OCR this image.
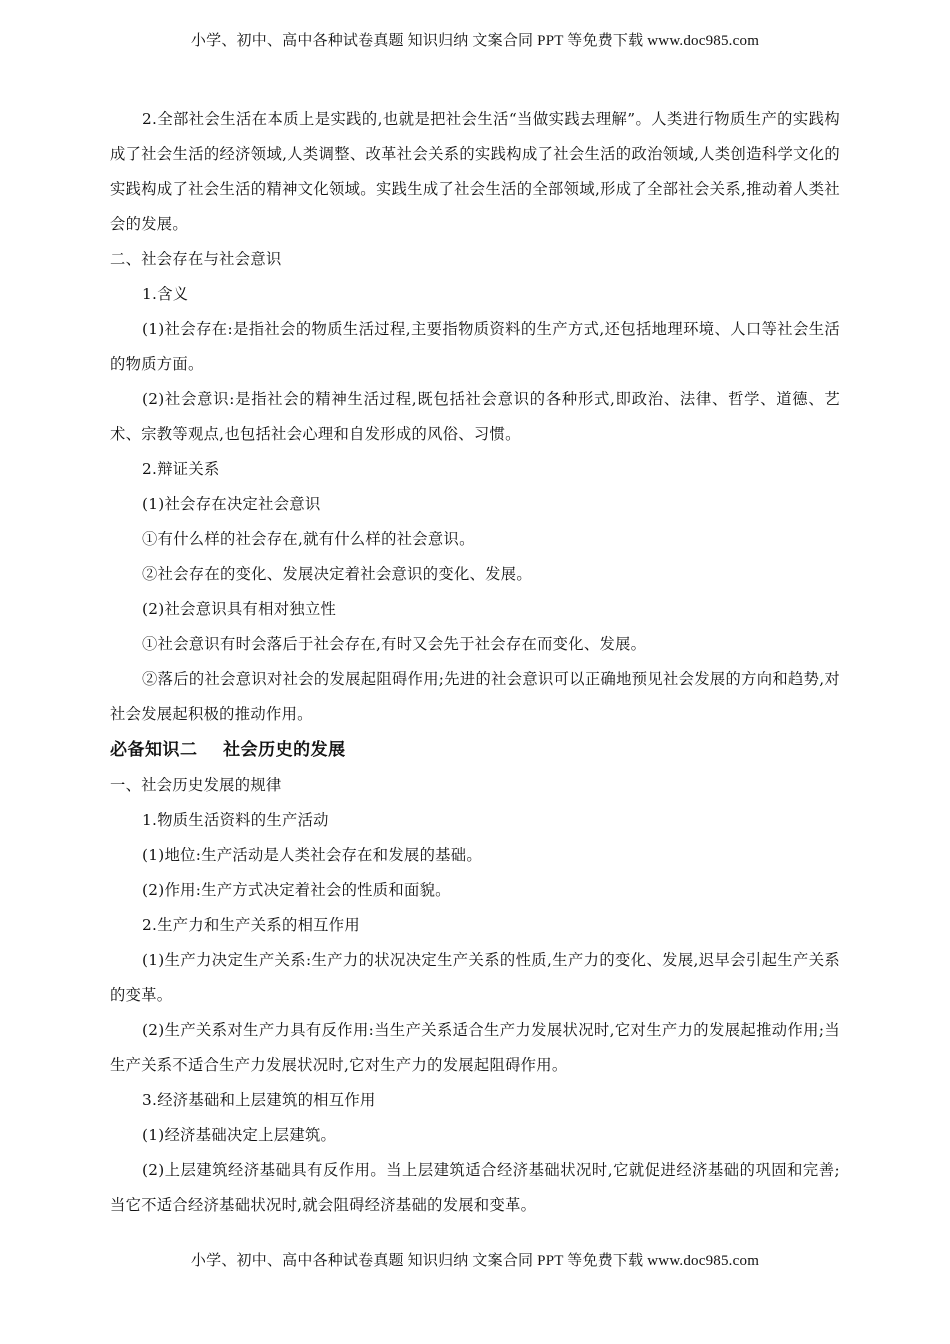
小学、初中、高中各种试卷真题 知识归纳 文案合同 PPT 等免费下载 www.doc985.com

2.全部社会生活在本质上是实践的,也就是把社会生活“当做实践去理解”。人类进行物质生产的实践构成了社会生活的经济领域,人类调整、改革社会关系的实践构成了社会生活的政治领域,人类创造科学文化的实践构成了社会生活的精神文化领域。实践生成了社会生活的全部领域,形成了全部社会关系,推动着人类社会的发展。

二、社会存在与社会意识

1.含义

(1)社会存在:是指社会的物质生活过程,主要指物质资料的生产方式,还包括地理环境、人口等社会生活的物质方面。

(2)社会意识:是指社会的精神生活过程,既包括社会意识的各种形式,即政治、法律、哲学、道德、艺术、宗教等观点,也包括社会心理和自发形成的风俗、习惯。

2.辩证关系

(1)社会存在决定社会意识

①有什么样的社会存在,就有什么样的社会意识。

②社会存在的变化、发展决定着社会意识的变化、发展。

(2)社会意识具有相对独立性

①社会意识有时会落后于社会存在,有时又会先于社会存在而变化、发展。

②落后的社会意识对社会的发展起阻碍作用;先进的社会意识可以正确地预见社会发展的方向和趋势,对社会发展起积极的推动作用。

必备知识二    社会历史的发展

一、社会历史发展的规律

1.物质生活资料的生产活动

(1)地位:生产活动是人类社会存在和发展的基础。

(2)作用:生产方式决定着社会的性质和面貌。

2.生产力和生产关系的相互作用

(1)生产力决定生产关系:生产力的状况决定生产关系的性质,生产力的变化、发展,迟早会引起生产关系的变革。

(2)生产关系对生产力具有反作用:当生产关系适合生产力发展状况时,它对生产力的发展起推动作用;当生产关系不适合生产力发展状况时,它对生产力的发展起阻碍作用。

3.经济基础和上层建筑的相互作用

(1)经济基础决定上层建筑。

(2)上层建筑经济基础具有反作用。当上层建筑适合经济基础状况时,它就促进经济基础的巩固和完善;当它不适合经济基础状况时,就会阻碍经济基础的发展和变革。

小学、初中、高中各种试卷真题 知识归纳 文案合同 PPT 等免费下载 www.doc985.com
